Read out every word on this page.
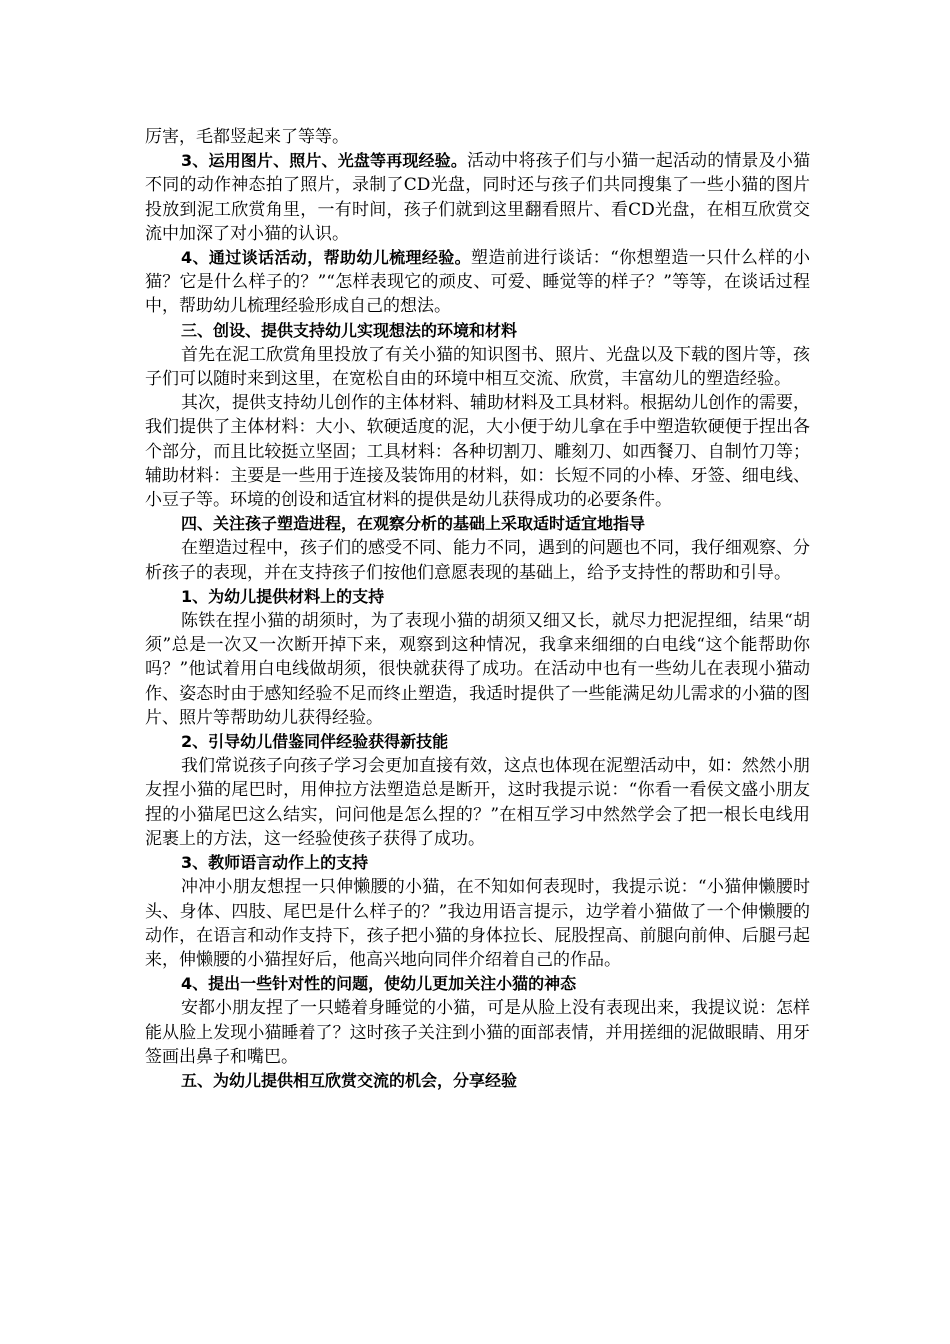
厉害，毛都竖起来了等等。

3、运用图片、照片、光盘等再现经验。活动中将孩子们与小猫一起活动的情景及小猫不同的动作神态拍了照片，录制了CD光盘，同时还与孩子们共同搜集了一些小猫的图片投放到泥工欣赏角里，一有时间，孩子们就到这里翻看照片、看CD光盘，在相互欣赏交流中加深了对小猫的认识。

4、通过谈话活动，帮助幼儿梳理经验。塑造前进行谈话：“你想塑造一只什么样的小猫？它是什么样子的？”“怎样表现它的顽皮、可爱、睡觉等的样子？”等等，在谈话过程中，帮助幼儿梳理经验形成自己的想法。

三、创设、提供支持幼儿实现想法的环境和材料

首先在泥工欣赏角里投放了有关小猫的知识图书、照片、光盘以及下载的图片等，孩子们可以随时来到这里，在宽松自由的环境中相互交流、欣赏，丰富幼儿的塑造经验。

其次，提供支持幼儿创作的主体材料、辅助材料及工具材料。根据幼儿创作的需要，我们提供了主体材料：大小、软硬适度的泥，大小便于幼儿拿在手中塑造软硬便于捏出各个部分，而且比较挺立坚固；工具材料：各种切割刀、雕刻刀、如西餐刀、自制竹刀等；辅助材料：主要是一些用于连接及装饰用的材料，如：长短不同的小棒、牙签、细电线、小豆子等。环境的创设和适宜材料的提供是幼儿获得成功的必要条件。

四、关注孩子塑造进程，在观察分析的基础上采取适时适宜地指导

在塑造过程中，孩子们的感受不同、能力不同，遇到的问题也不同，我仔细观察、分析孩子的表现，并在支持孩子们按他们意愿表现的基础上，给予支持性的帮助和引导。

1、为幼儿提供材料上的支持

陈铁在捏小猫的胡须时，为了表现小猫的胡须又细又长，就尽力把泥捏细，结果“胡须”总是一次又一次断开掉下来，观察到这种情况，我拿来细细的白电线“这个能帮助你吗？”他试着用白电线做胡须，很快就获得了成功。在活动中也有一些幼儿在表现小猫动作、姿态时由于感知经验不足而终止塑造，我适时提供了一些能满足幼儿需求的小猫的图片、照片等帮助幼儿获得经验。

2、引导幼儿借鉴同伴经验获得新技能

我们常说孩子向孩子学习会更加直接有效，这点也体现在泥塑活动中，如：然然小朋友捏小猫的尾巴时，用伸拉方法塑造总是断开，这时我提示说：“你看一看侯文盛小朋友捏的小猫尾巴这么结实，问问他是怎么捏的？”在相互学习中然然学会了把一根长电线用泥裹上的方法，这一经验使孩子获得了成功。

3、教师语言动作上的支持

冲冲小朋友想捏一只伸懒腰的小猫，在不知如何表现时，我提示说：“小猫伸懒腰时头、身体、四肢、尾巴是什么样子的？”我边用语言提示，边学着小猫做了一个伸懒腰的动作，在语言和动作支持下，孩子把小猫的身体拉长、屁股捏高、前腿向前伸、后腿弓起来，伸懒腰的小猫捏好后，他高兴地向同伴介绍着自己的作品。

4、提出一些针对性的问题，使幼儿更加关注小猫的神态

安都小朋友捏了一只蜷着身睡觉的小猫，可是从脸上没有表现出来，我提议说：怎样能从脸上发现小猫睡着了？这时孩子关注到小猫的面部表情，并用搓细的泥做眼睛、用牙签画出鼻子和嘴巴。

五、为幼儿提供相互欣赏交流的机会，分享经验
